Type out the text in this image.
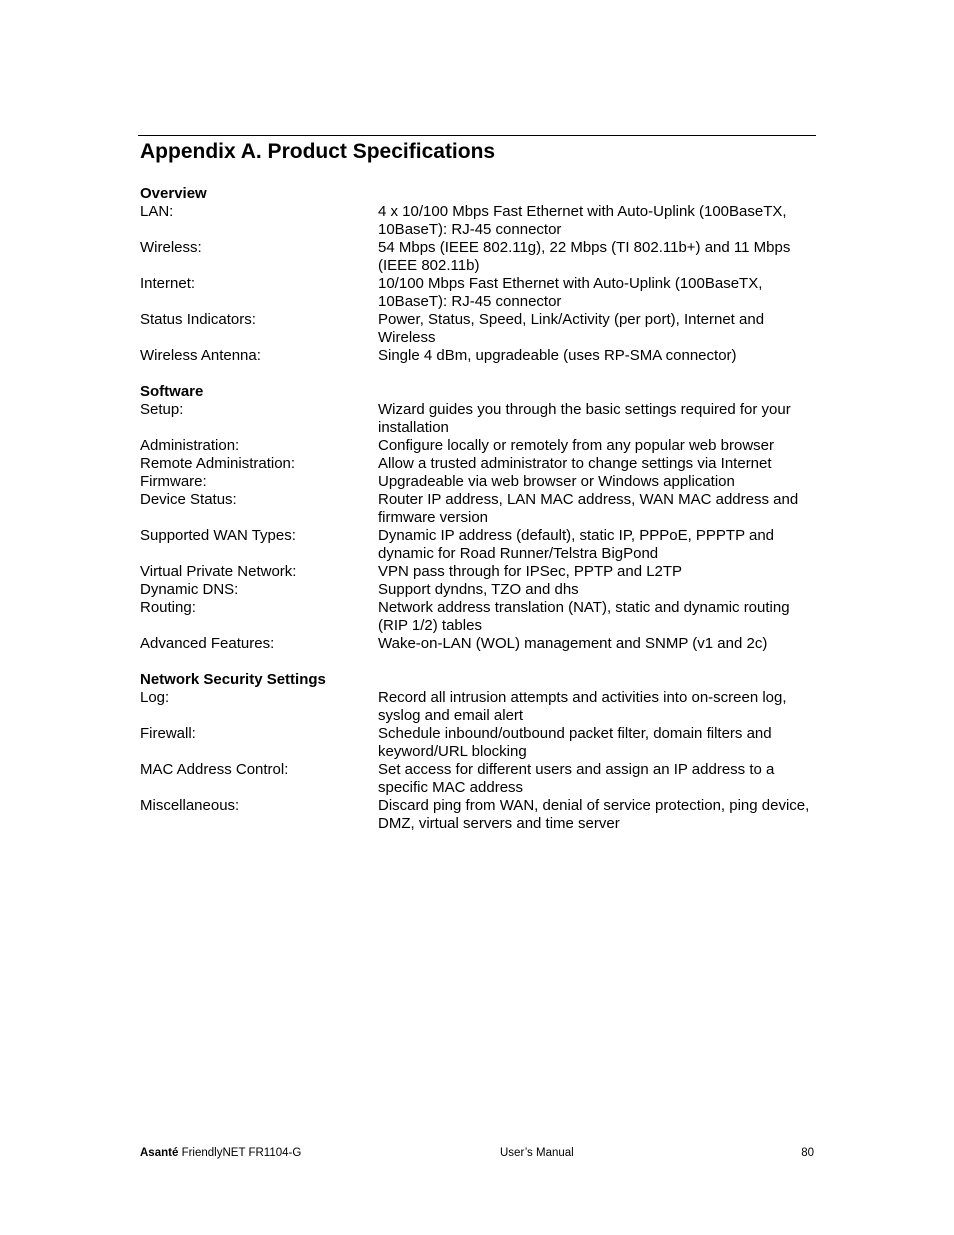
Appendix A. Product Specifications
Overview
LAN:	4 x 10/100 Mbps Fast Ethernet with Auto-Uplink (100BaseTX, 10BaseT): RJ-45 connector
Wireless:	54 Mbps (IEEE 802.11g), 22 Mbps (TI 802.11b+) and 11 Mbps (IEEE 802.11b)
Internet:	10/100 Mbps Fast Ethernet with Auto-Uplink (100BaseTX, 10BaseT): RJ-45 connector
Status Indicators:	Power, Status, Speed, Link/Activity (per port), Internet and Wireless
Wireless Antenna:	Single 4 dBm, upgradeable (uses RP-SMA connector)
Software
Setup:	Wizard guides you through the basic settings required for your installation
Administration:	Configure locally or remotely from any popular web browser
Remote Administration:	Allow a trusted administrator to change settings via Internet
Firmware:	Upgradeable via web browser or Windows application
Device Status:	Router IP address, LAN MAC address, WAN MAC address and firmware version
Supported WAN Types:	Dynamic IP address (default), static IP, PPPoE, PPPTP and dynamic for Road Runner/Telstra BigPond
Virtual Private Network:	VPN pass through for IPSec, PPTP and L2TP
Dynamic DNS:	Support dyndns, TZO and dhs
Routing:	Network address translation (NAT), static and dynamic routing (RIP 1/2) tables
Advanced Features:	Wake-on-LAN (WOL) management and SNMP (v1 and 2c)
Network Security Settings
Log:	Record all intrusion attempts and activities into on-screen log, syslog and email alert
Firewall:	Schedule inbound/outbound packet filter, domain filters and keyword/URL blocking
MAC Address Control:	Set access for different users and assign an IP address to a specific MAC address
Miscellaneous:	Discard ping from WAN, denial of service protection, ping device, DMZ, virtual servers and time server
Asanté FriendlyNET FR1104-G	User’s Manual	80
